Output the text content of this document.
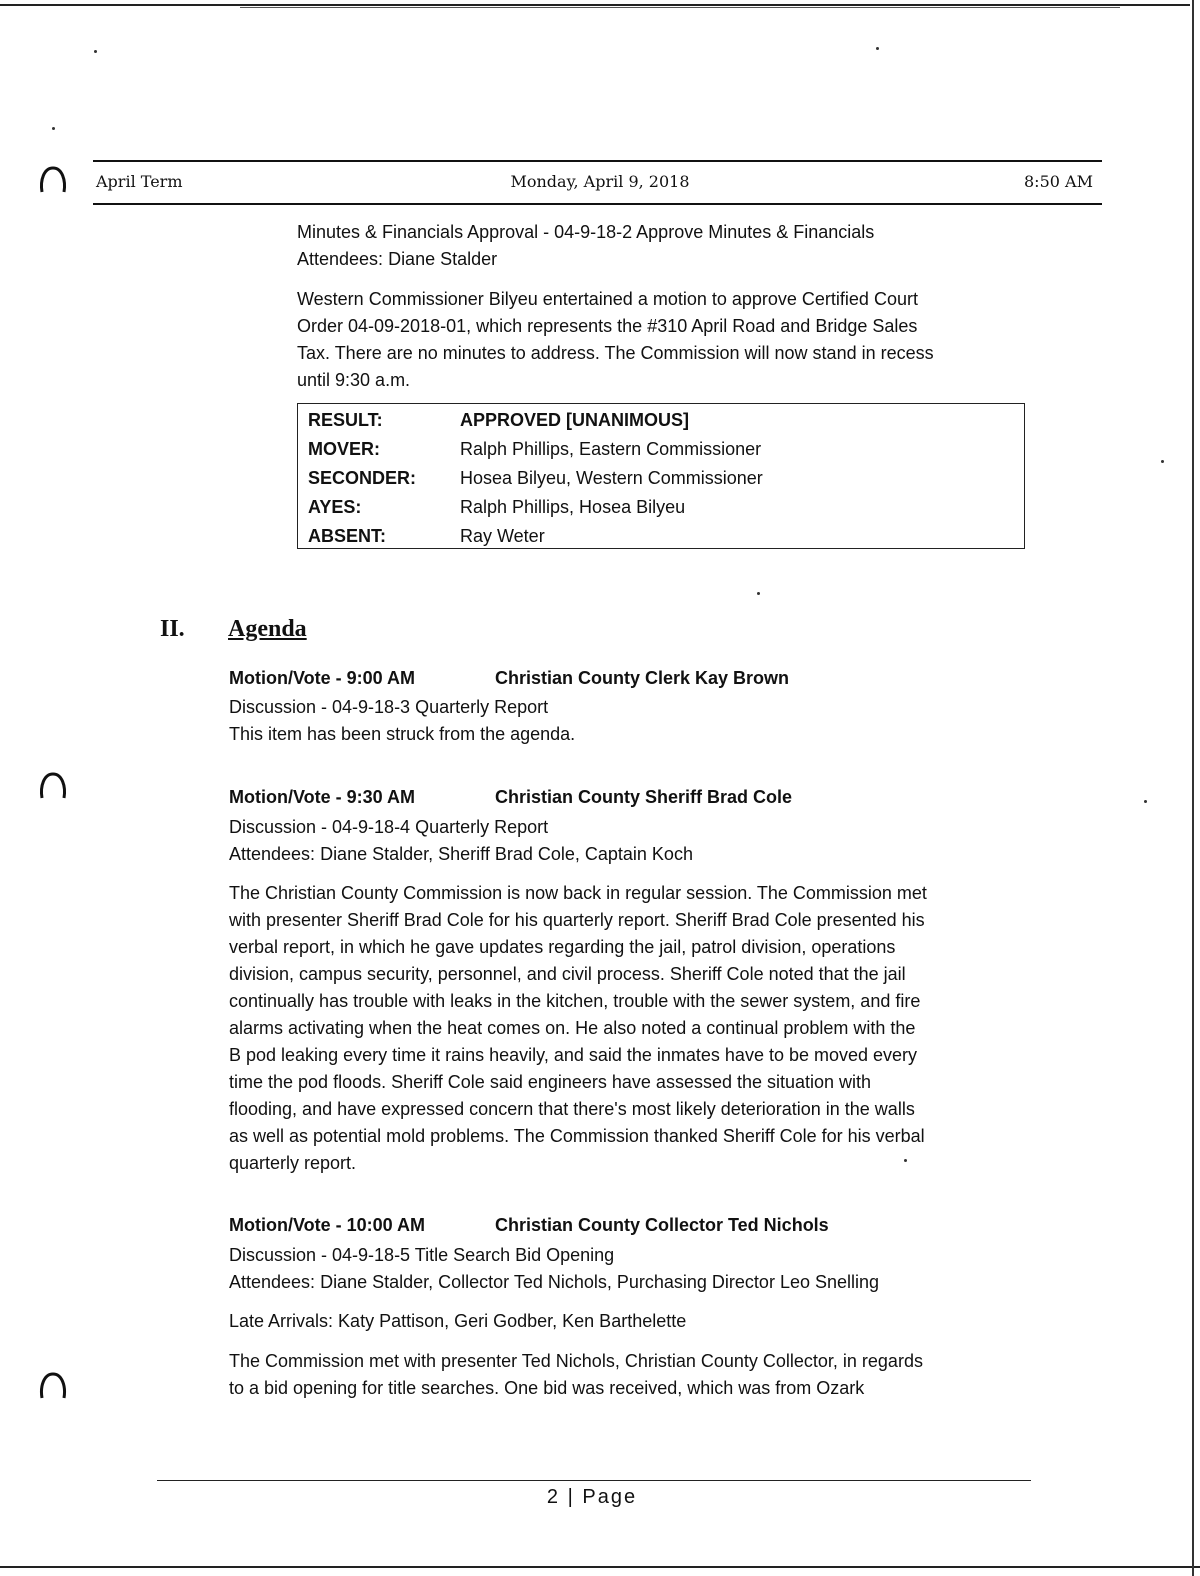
April Term	Monday, April 9, 2018	8:50 AM
Minutes & Financials Approval - 04-9-18-2 Approve Minutes & Financials
Attendees: Diane Stalder
Western Commissioner Bilyeu entertained a motion to approve Certified Court
Order 04-09-2018-01, which represents the #310 April Road and Bridge Sales
Tax. There are no minutes to address. The Commission will now stand in recess
until 9:30 a.m.
RESULT:	APPROVED [UNANIMOUS]
MOVER:	Ralph Phillips, Eastern Commissioner
SECONDER:	Hosea Bilyeu, Western Commissioner
AYES:	Ralph Phillips, Hosea Bilyeu
ABSENT:	Ray Weter
II. Agenda
Motion/Vote - 9:00 AM	Christian County Clerk Kay Brown
Discussion - 04-9-18-3 Quarterly Report
This item has been struck from the agenda.
Motion/Vote - 9:30 AM	Christian County Sheriff Brad Cole
Discussion - 04-9-18-4 Quarterly Report
Attendees: Diane Stalder, Sheriff Brad Cole, Captain Koch
The Christian County Commission is now back in regular session. The Commission met
with presenter Sheriff Brad Cole for his quarterly report. Sheriff Brad Cole presented his
verbal report, in which he gave updates regarding the jail, patrol division, operations
division, campus security, personnel, and civil process. Sheriff Cole noted that the jail
continually has trouble with leaks in the kitchen, trouble with the sewer system, and fire
alarms activating when the heat comes on. He also noted a continual problem with the
B pod leaking every time it rains heavily, and said the inmates have to be moved every
time the pod floods. Sheriff Cole said engineers have assessed the situation with
flooding, and have expressed concern that there's most likely deterioration in the walls
as well as potential mold problems. The Commission thanked Sheriff Cole for his verbal
quarterly report.
Motion/Vote - 10:00 AM	Christian County Collector Ted Nichols
Discussion - 04-9-18-5 Title Search Bid Opening
Attendees: Diane Stalder, Collector Ted Nichols, Purchasing Director Leo Snelling
Late Arrivals: Katy Pattison, Geri Godber, Ken Barthelette
The Commission met with presenter Ted Nichols, Christian County Collector, in regards
to a bid opening for title searches. One bid was received, which was from Ozark
2 | Page
